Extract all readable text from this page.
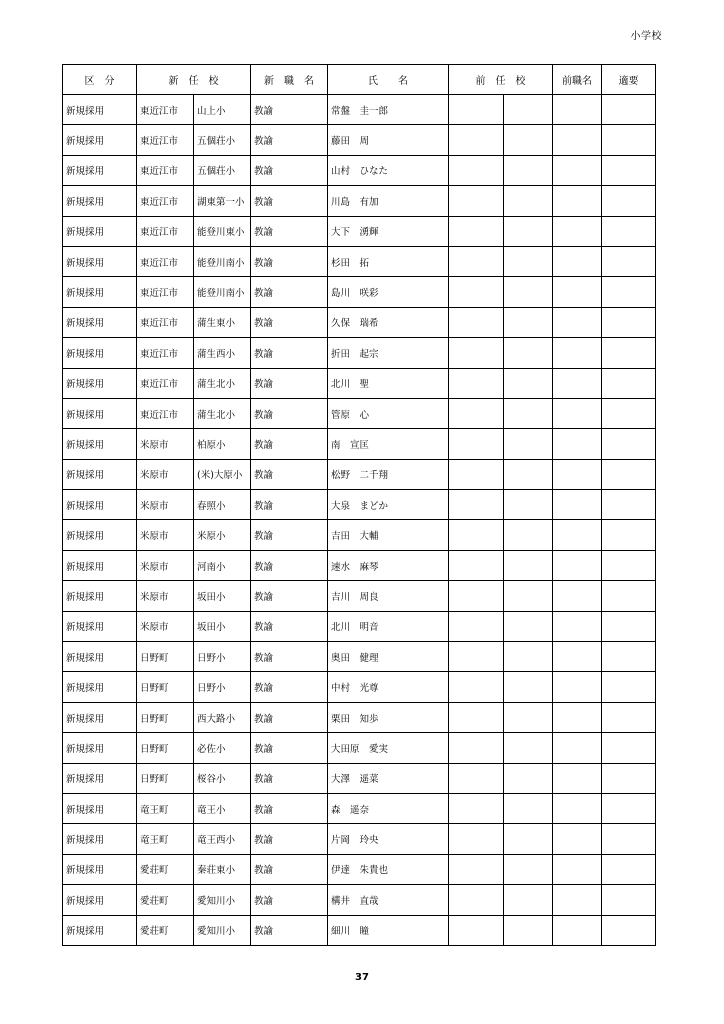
小学校
区　分	新　任　校		新　職　名	氏　　名	前　任　校		前職名	適要
新規採用	東近江市	山上小	教諭	常盤　圭一郎				
新規採用	東近江市	五個荘小	教諭	藤田　周				
新規採用	東近江市	五個荘小	教諭	山村　ひなた				
新規採用	東近江市	湖東第一小	教諭	川島　有加				
新規採用	東近江市	能登川東小	教諭	大下　湧輝				
新規採用	東近江市	能登川南小	教諭	杉田　拓				
新規採用	東近江市	能登川南小	教諭	島川　咲彩				
新規採用	東近江市	蒲生東小	教諭	久保　瑞希				
新規採用	東近江市	蒲生西小	教諭	折田　起宗				
新規採用	東近江市	蒲生北小	教諭	北川　聖				
新規採用	東近江市	蒲生北小	教諭	管原　心				
新規採用	米原市	柏原小	教諭	南　宣匡				
新規採用	米原市	(米)大原小	教諭	松野　二千翔				
新規採用	米原市	春照小	教諭	大泉　まどか				
新規採用	米原市	米原小	教諭	吉田　大輔				
新規採用	米原市	河南小	教諭	速水　麻琴				
新規採用	米原市	坂田小	教諭	吉川　周良				
新規採用	米原市	坂田小	教諭	北川　明音				
新規採用	日野町	日野小	教諭	奥田　健理				
新規採用	日野町	日野小	教諭	中村　光尊				
新規採用	日野町	西大路小	教諭	栗田　知歩				
新規採用	日野町	必佐小	教諭	大田原　愛実				
新規採用	日野町	桜谷小	教諭	大澤　遥菜				
新規採用	竜王町	竜王小	教諭	森　遥奈				
新規採用	竜王町	竜王西小	教諭	片岡　玲央				
新規採用	愛荘町	秦荘東小	教諭	伊達　朱貴也				
新規採用	愛荘町	愛知川小	教諭	構井　直哉				
新規採用	愛荘町	愛知川小	教諭	細川　瞳				
37
